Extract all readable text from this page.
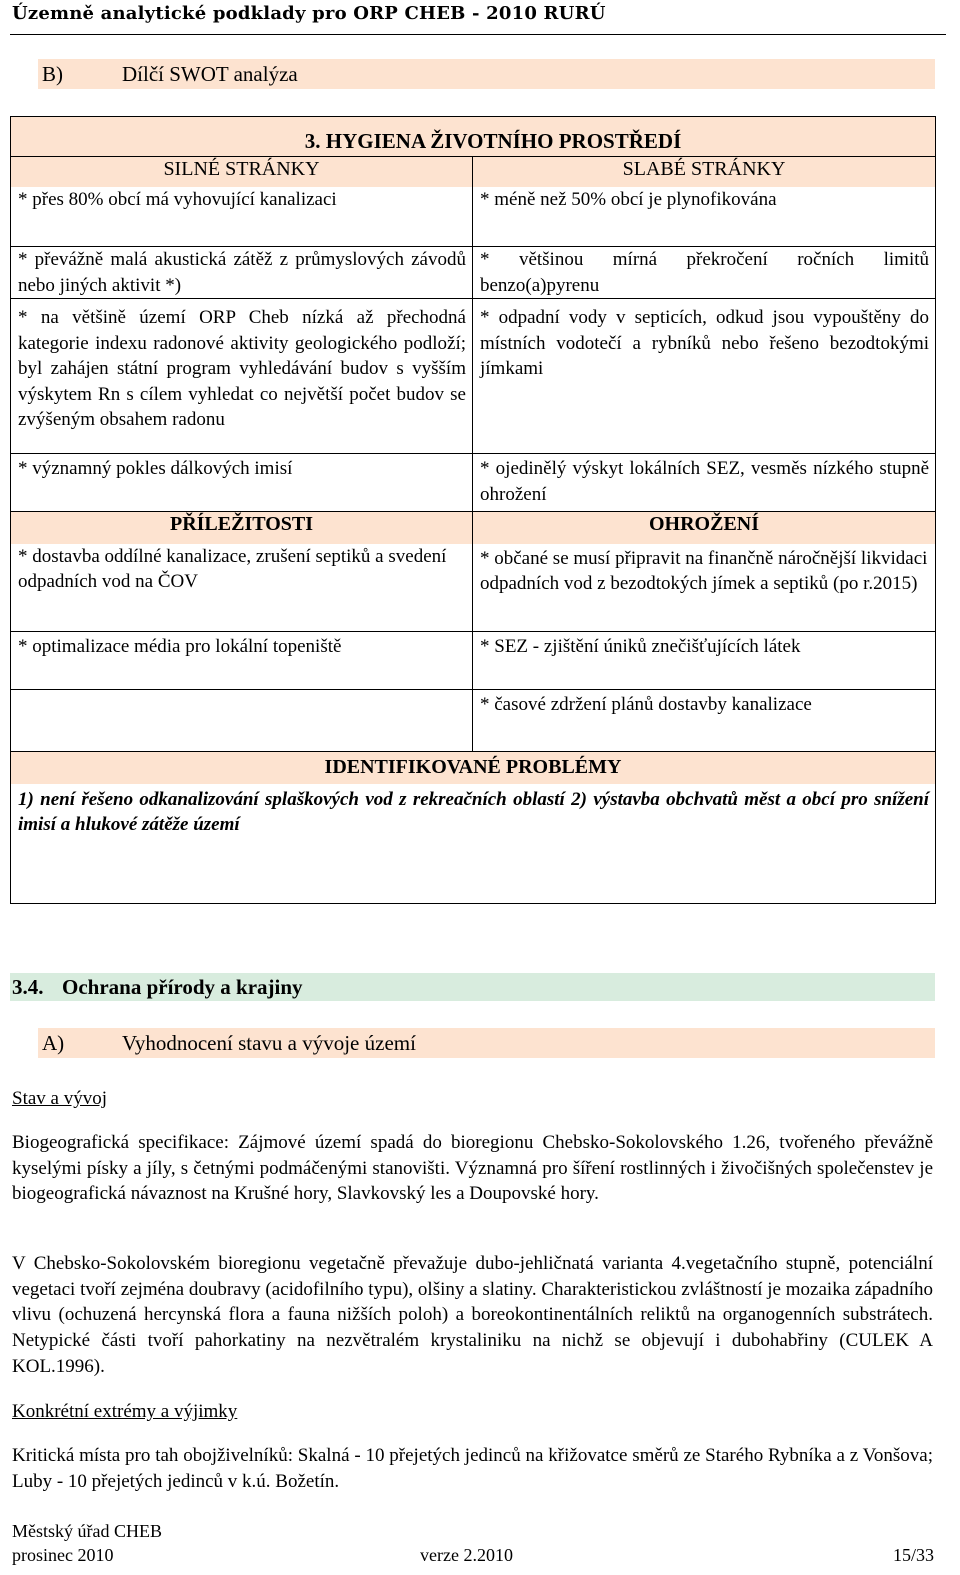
Územně analytické podklady pro ORP CHEB - 2010 RURÚ
B)	Dílčí SWOT analýza
3. HYGIENA ŽIVOTNÍHO PROSTŘEDÍ	
SILNÉ STRÁNKY	SLABÉ STRÁNKY
* přes 80% obcí má vyhovující kanalizaci	* méně než 50% obcí je plynofikována
* převážně malá akustická zátěž z průmyslových závodů nebo jiných aktivit *)	* většinou mírná překročení ročních limitů benzo(a)pyrenu
* na většině území ORP Cheb nízká až přechodná kategorie indexu radonové aktivity geologického podloží; byl zahájen státní program vyhledávání budov s vyšším výskytem Rn s cílem vyhledat co největší počet budov se zvýšeným obsahem radonu	* odpadní vody v septicích, odkud jsou vypouštěny do místních vodotečí a rybníků nebo řešeno bezodtokými jímkami
* významný pokles dálkových imisí	* ojedinělý výskyt lokálních SEZ, vesměs nízkého stupně ohrožení
PŘÍLEŽITOSTI	OHROŽENÍ
* dostavba oddílné kanalizace, zrušení septiků a svedení odpadních vod na ČOV	* občané se musí připravit na finančně náročnější likvidaci odpadních vod z bezodtokých jímek a septiků (po r.2015)
* optimalizace média pro lokální topeniště	* SEZ - zjištění úniků znečišťujících látek
	* časové zdržení plánů dostavby kanalizace
IDENTIFIKOVANÉ PROBLÉMY	
1) není řešeno odkanalizování splaškových vod z rekreačních oblastí 2) výstavba obchvatů měst a obcí pro snížení imisí a hlukové zátěže území	
3.4. Ochrana přírody a krajiny
A)	Vyhodnocení stavu a vývoje území

Stav a vývoj

Biogeografická specifikace: Zájmové území spadá do bioregionu Chebsko-Sokolovského 1.26, tvořeného převážně kyselými písky a jíly, s četnými podmáčenými stanovišti. Významná pro šíření rostlinných i živočišných společenstev je biogeografická návaznost na Krušné hory, Slavkovský les a Doupovské hory.

V Chebsko-Sokolovském bioregionu vegetačně převažuje dubo-jehličnatá varianta 4.vegetačního stupně, potenciální vegetaci tvoří zejména doubravy (acidofilního typu), olšiny a slatiny. Charakteristickou zvláštností je mozaika západního vlivu (ochuzená hercynská flora a fauna nižších poloh) a boreokontinentálních reliktů na organogenních substrátech. Netypické části tvoří pahorkatiny na nezvětralém krystaliniku na nichž se objevují i dubohabřiny (CULEK A KOL.1996).

Konkrétní extrémy a výjimky

Kritická místa pro tah obojživelníků: Skalná - 10 přejetých jedinců na křižovatce směrů ze Starého Rybníka a z Vonšova; Luby - 10 přejetých jedinců v k.ú. Božetín.

Městský úřad CHEB
prosinec 2010	verze 2.2010	15/33
